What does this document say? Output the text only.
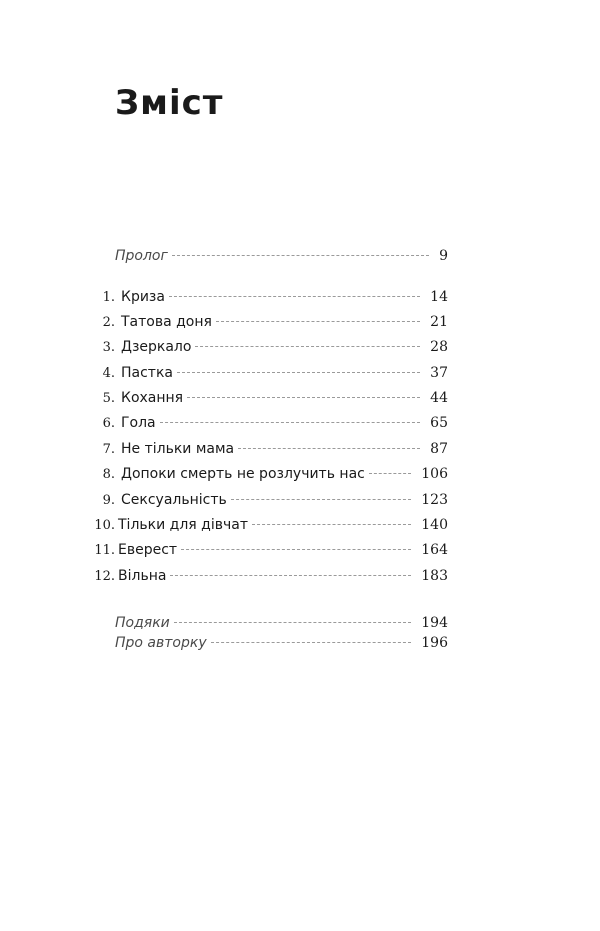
Зміст
Пролог	9
1. Криза	14
2. Татова доня	21
3. Дзеркало	28
4. Пастка	37
5. Кохання	44
6. Гола	65
7. Не тільки мама	87
8. Допоки смерть не розлучить нас	106
9. Сексуальність	123
10. Тільки для дівчат	140
11. Еверест	164
12. Вільна	183
Подяки	194
Про авторку	196
